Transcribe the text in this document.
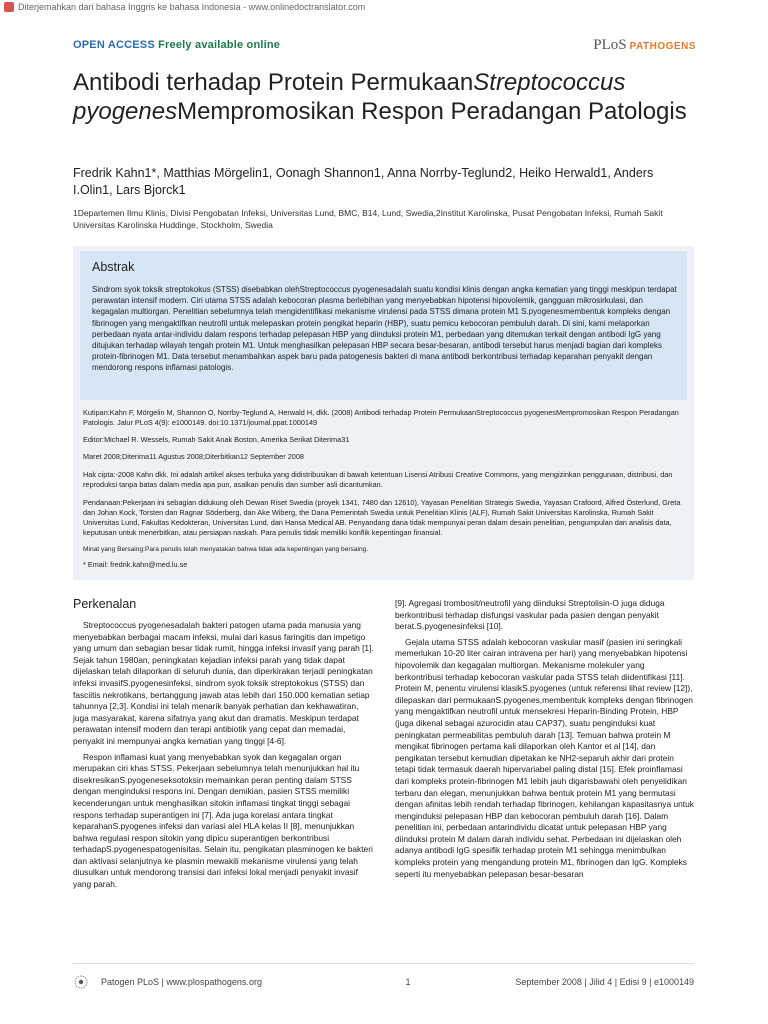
Diterjemahkan dari bahasa Inggris ke bahasa Indonesia - www.onlinedoctranslator.com
OPEN ACCESS Freely available online	PLoS PATHOGENS
Antibodi terhadap Protein PermukaanStreptococcus pyogenesMempromosikan Respon Peradangan Patologis
Fredrik Kahn1*, Matthias Mörgelin1, Oonagh Shannon1, Anna Norrby-Teglund2, Heiko Herwald1, Anders I.Olin1, Lars Bjorck1
1Departemen Ilmu Klinis, Divisi Pengobatan Infeksi, Universitas Lund, BMC, B14, Lund, Swedia,2Institut Karolinska, Pusat Pengobatan Infeksi, Rumah Sakit Universitas Karolinska Huddinge, Stockholm, Swedia
Abstrak
Sindrom syok toksik streptokokus (STSS) disebabkan olehStreptococcus pyogenesadalah suatu kondisi klinis dengan angka kematian yang tinggi meskipun terdapat perawatan intensif modern. Ciri utama STSS adalah kebocoran plasma berlebihan yang menyebabkan hipotensi hipovolemik, gangguan mikrosirkulasi, dan kegagalan multiorgan. Penelitian sebelumnya telah mengidentifikasi mekanisme virulensi pada STSS dimana protein M1 S.pyogenesmembentuk kompleks dengan fibrinogen yang mengaktifkan neutrofil untuk melepaskan protein pengikat heparin (HBP), suatu pemicu kebocoran pembuluh darah. Di sini, kami melaporkan perbedaan nyata antar-individu dalam respons terhadap pelepasan HBP yang diinduksi protein M1, perbedaan yang ditemukan terkait dengan antibodi IgG yang ditujukan terhadap wilayah tengah protein M1. Untuk menghasilkan pelepasan HBP secara besar-besaran, antibodi tersebut harus menjadi bagian dari kompleks protein-fibrinogen M1. Data tersebut menambahkan aspek baru pada patogenesis bakteri di mana antibodi berkontribusi terhadap keparahan penyakit dengan mendorong respons inflamasi patologis.
Kutipan:Kahn F, Mörgelin M, Shannon O, Norrby-Teglund A, Herwald H, dkk. (2008) Antibodi terhadap Protein PermukaanStreptococcus pyogenesMempromosikan Respon Peradangan Patologis. Jalur PLoS 4(9): e1000149. doi:10.1371/journal.ppat.1000149
Editor:Michael R. Wessels, Rumah Sakit Anak Boston, Amerika Serikat Diterima31
Maret 2008;Diterima11 Agustus 2008;Diterbitkan12 September 2008
Hak cipta:-2008 Kahn dkk. Ini adalah artikel akses terbuka yang didistribusikan di bawah ketentuan Lisensi Atribusi Creative Commons, yang mengizinkan penggunaan, distribusi, dan reproduksi tanpa batas dalam media apa pun, asalkan penulis dan sumber asli dicantumkan.
Pendanaan:Pekerjaan ini sebagian didukung oleh Dewan Riset Swedia (proyek 1341, 7480 dan 12610), Yayasan Penelitian Strategis Swedia, Yayasan Crafoord, Alfred Österlund, Greta dan Johan Kock, Torsten dan Ragnar Söderberg, dan Ake Wiberg, the Dana Pemerintah Swedia untuk Penelitian Klinis (ALF), Rumah Sakit Universitas Karolinska, Rumah Sakit Universitas Lund, Fakultas Kedokteran, Universitas Lund, dan Hansa Medical AB. Penyandang dana tidak mempunyai peran dalam desain penelitian, pengumpulan dan analisis data, keputusan untuk menerbitkan, atau persiapan naskah. Para penulis tidak memiliki konflik kepentingan finansial.
Minat yang Bersaing:Para penulis telah menyatakan bahwa tidak ada kepentingan yang bersaing.
* Email: fredrik.kahn@med.lu.se
Perkenalan

Streptococcus pyogenesadalah bakteri patogen utama pada manusia yang menyebabkan berbagai macam infeksi, mulai dari kasus faringitis dan impetigo yang umum dan sebagian besar tidak rumit, hingga infeksi invasif yang parah [1]. Sejak tahun 1980an, peningkatan kejadian infeksi parah yang tidak dapat dijelaskan telah dilaporkan di seluruh dunia, dan diperkirakan terjadi peningkatan infeksi invasifS.pyogenesinfeksi, sindrom syok toksik streptokokus (STSS) dan fasciitis nekrotikans, bertanggung jawab atas lebih dari 150.000 kematian setiap tahunnya [2,3]. Kondisi ini telah menarik banyak perhatian dan kekhawatiran, juga masyarakat, karena sifatnya yang akut dan dramatis. Meskipun terdapat perawatan intensif modern dan terapi antibiotik yang cepat dan memadai, penyakit ini mempunyai angka kematian yang tinggi [4-6].

Respon inflamasi kuat yang menyebabkan syok dan kegagalan organ merupakan ciri khas STSS. Pekerjaan sebelumnya telah menunjukkan hal itu disekresikanS.pyogeneseksotoksin memainkan peran penting dalam STSS dengan menginduksi respons ini. Dengan demikian, pasien STSS memiliki kecenderungan untuk menghasilkan sitokin inflamasi tingkat tinggi sebagai respons terhadap superantigen ini [7]. Ada juga korelasi antara tingkat keparahanS.pyogenes infeksi dan variasi alel HLA kelas II [8], menunjukkan bahwa regulasi respon sitokin yang dipicu superantigen berkontribusi terhadapS.pyogenespatogenisitas. Selain itu, pengikatan plasminogen ke bakteri dan aktivasi selanjutnya ke plasmin mewakili mekanisme virulensi yang telah diusulkan untuk mendorong transisi dari infeksi lokal menjadi penyakit invasif yang parah.

[9]. Agregasi trombosit/neutrofil yang diinduksi Streptolisin-O juga diduga berkontribusi terhadap disfungsi vaskular pada pasien dengan penyakit berat.S.pyogenesinfeksi [10].

Gejala utama STSS adalah kebocoran vaskular masif (pasien ini seringkali memerlukan 10-20 liter cairan intravena per hari) yang menyebabkan hipotensi hipovolemik dan kegagalan multiorgan. Mekanisme molekuler yang berkontribusi terhadap kebocoran vaskular pada STSS telah diidentifikasi [11]. Protein M, penentu virulensi klasikS.pyogenes (untuk referensi lihat review [12]), dilepaskan dari permukaanS.pyogenes,membentuk kompleks dengan fibrinogen yang mengaktifkan neutrofil untuk mensekresi Heparin-Binding Protein, HBP (juga dikenal sebagai azurocidin atau CAP37), suatu penginduksi kuat peningkatan permeabilitas pembuluh darah [13]. Temuan bahwa protein M mengikat fibrinogen pertama kali dilaporkan oleh Kantor et al [14], dan pengikatan tersebut kemudian dipetakan ke NH2-separuh akhir dari protein tetapi tidak termasuk daerah hipervariabel paling distal [15]. Efek proinflamasi dari kompleks protein-fibrinogen M1 lebih jauh digarisbawahi oleh penyelidikan terbaru dan elegan, menunjukkan bahwa bentuk protein M1 yang bermutasi dengan afinitas lebih rendah terhadap fibrinogen, kehilangan kapasitasnya untuk menginduksi pelepasan HBP dan kebocoran pembuluh darah [16]. Dalam penelitian ini, perbedaan antarindividu dicatat untuk pelepasan HBP yang diinduksi protein M dalam darah individu sehat. Perbedaan ini dijelaskan oleh adanya antibodi IgG spesifik terhadap protein M1 sehingga menimbulkan kompleks protein yang mengandung protein M1, fibrinogen dan IgG. Kompleks seperti itu menyebabkan pelepasan besar-besaran

Patogen PLoS | www.plospathogens.org	1	September 2008 | Jilid 4 | Edisi 9 | e1000149
